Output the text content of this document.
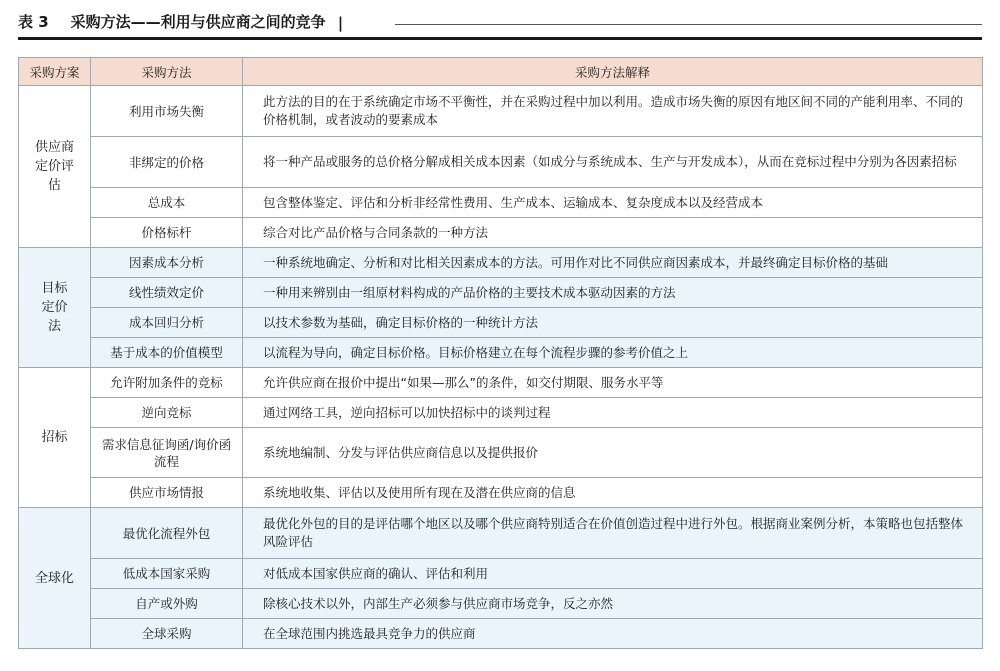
表 3 采购方法——利用与供应商之间的竞争 |
采购方案	采购方法	采购方法解释
供应商定价评估	利用市场失衡	此方法的目的在于系统确定市场不平衡性，并在采购过程中加以利用。造成市场失衡的原因有地区间不同的产能利用率、不同的价格机制，或者波动的要素成本
	非绑定的价格	将一种产品或服务的总价格分解成相关成本因素（如成分与系统成本、生产与开发成本），从而在竞标过程中分别为各因素招标
	总成本	包含整体鉴定、评估和分析非经常性费用、生产成本、运输成本、复杂度成本以及经营成本
	价格标杆	综合对比产品价格与合同条款的一种方法
目标定价法	因素成本分析	一种系统地确定、分析和对比相关因素成本的方法。可用作对比不同供应商因素成本，并最终确定目标价格的基础
	线性绩效定价	一种用来辨别由一组原材料构成的产品价格的主要技术成本驱动因素的方法
	成本回归分析	以技术参数为基础，确定目标价格的一种统计方法
	基于成本的价值模型	以流程为导向，确定目标价格。目标价格建立在每个流程步骤的参考价值之上
招标	允许附加条件的竞标	允许供应商在报价中提出“如果—那么”的条件，如交付期限、服务水平等
	逆向竞标	通过网络工具，逆向招标可以加快招标中的谈判过程
	需求信息征询函/询价函流程	系统地编制、分发与评估供应商信息以及提供报价
	供应市场情报	系统地收集、评估以及使用所有现在及潜在供应商的信息
全球化	最优化流程外包	最优化外包的目的是评估哪个地区以及哪个供应商特别适合在价值创造过程中进行外包。根据商业案例分析，本策略也包括整体风险评估
	低成本国家采购	对低成本国家供应商的确认、评估和利用
	自产或外购	除核心技术以外，内部生产必须参与供应商市场竞争，反之亦然
	全球采购	在全球范围内挑选最具竞争力的供应商
